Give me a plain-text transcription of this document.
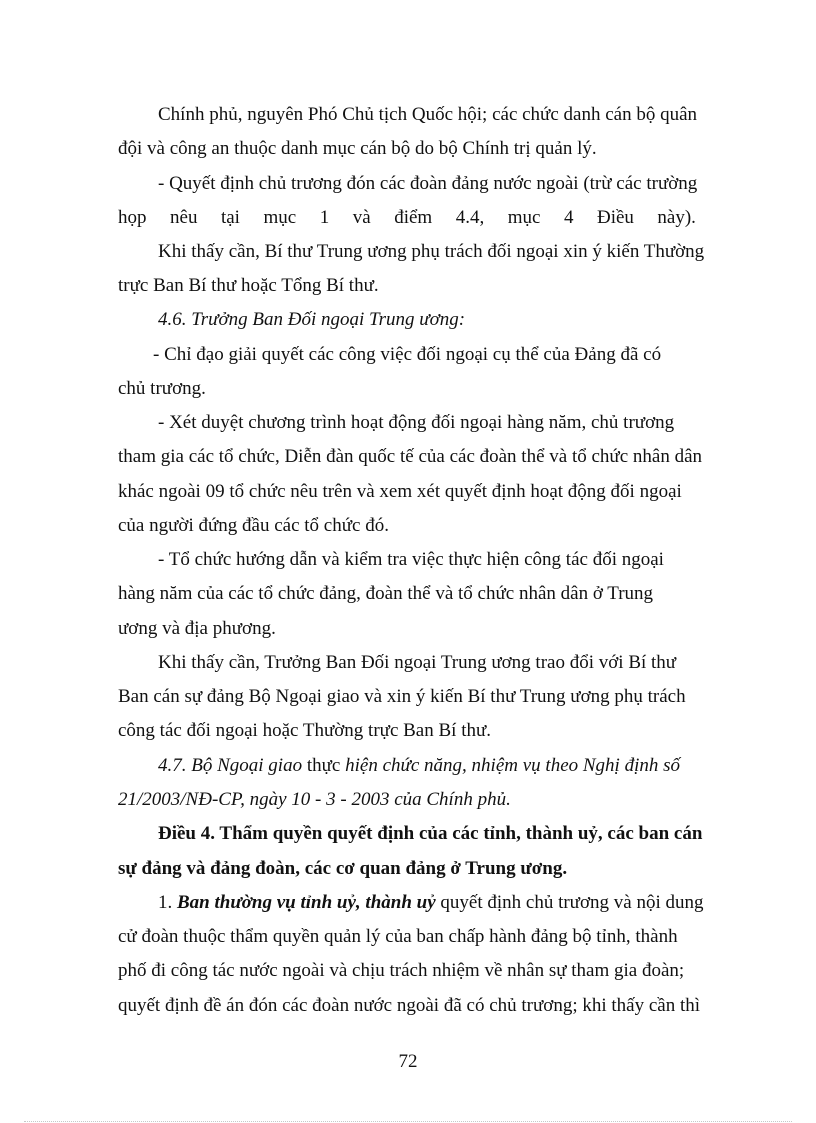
Chính phủ, nguyên Phó Chủ tịch Quốc hội; các chức danh cán bộ quân
đội và công an thuộc danh mục cán bộ do bộ Chính trị quản lý.
- Quyết định chủ trương đón các đoàn đảng nước ngoài (trừ các trường
họp nêu tại mục 1 và điểm 4.4, mục 4 Điều này).
Khi thấy cần, Bí thư Trung ương phụ trách đối ngoại xin ý kiến Thường
trực Ban Bí thư hoặc Tổng Bí thư.
4.6. Trưởng Ban Đối ngoại Trung ương:
- Chỉ đạo giải quyết các công việc đối ngoại cụ thể của Đảng đã có
chủ trương.
- Xét duyệt chương trình hoạt động đối ngoại hàng năm, chủ trương
tham gia các tổ chức, Diễn đàn quốc tế của các đoàn thể và tổ chức nhân dân
khác ngoài 09 tổ chức nêu trên và xem xét quyết định hoạt động đối ngoại
của người đứng đầu các tổ chức đó.
- Tổ chức hướng dẫn và kiểm tra việc thực hiện công tác đối ngoại
hàng năm của các tổ chức đảng, đoàn thể và tổ chức nhân dân ở Trung
ương và địa phương.
Khi thấy cần, Trưởng Ban Đối ngoại Trung ương trao đổi với Bí thư
Ban cán sự đảng Bộ Ngoại giao và xin ý kiến Bí thư Trung ương phụ trách
công tác đối ngoại hoặc Thường trực Ban Bí thư.
4.7. Bộ Ngoại giao thực hiện chức năng, nhiệm vụ theo Nghị định số
21/2003/NĐ-CP, ngày 10 - 3 - 2003 của Chính phủ.
Điều 4. Thẩm quyền quyết định của các tỉnh, thành uỷ, các ban cán
sự đảng và đảng đoàn, các cơ quan đảng ở Trung ương.
1. Ban thường vụ tỉnh uỷ, thành uỷ quyết định chủ trương và nội dung
cử đoàn thuộc thẩm quyền quản lý của ban chấp hành đảng bộ tỉnh, thành
phố đi công tác nước ngoài và chịu trách nhiệm về nhân sự tham gia đoàn;
quyết định đề án đón các đoàn nước ngoài đã có chủ trương; khi thấy cần thì
72
